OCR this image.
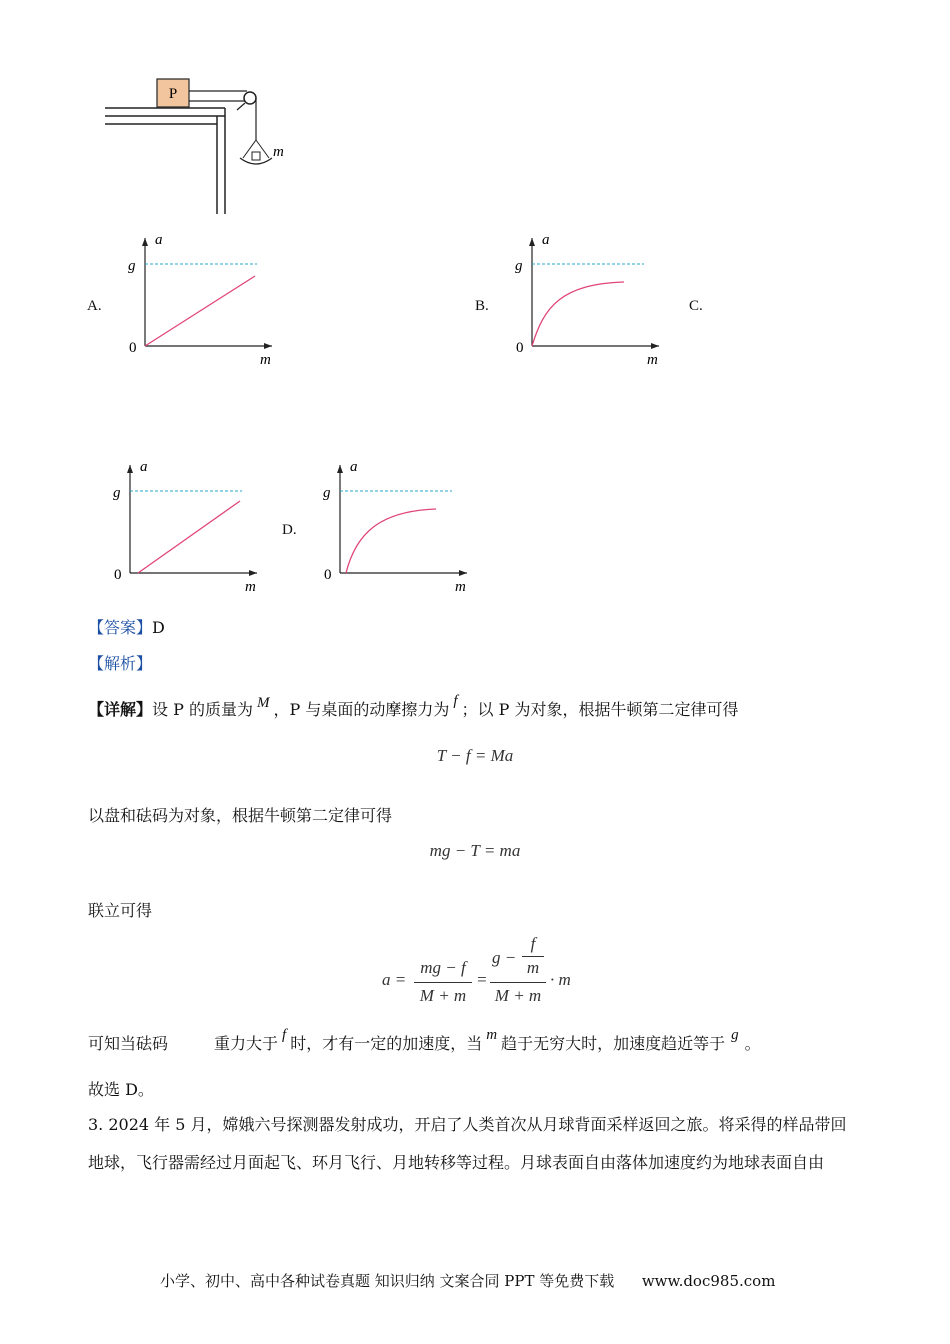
P
m
A.	B.	C.
D.
a
m
0
g
a
m
0
g
a
m
0
g
a
m
0
g
【答案】D
【解析】
【详解】设 P 的质量为 M ，P 与桌面的动摩擦力为 f ；以 P 为对象，根据牛顿第二定律可得
T − f = Ma
以盘和砝码为对象，根据牛顿第二定律可得
mg − T = ma
联立可得
a =
mg − f
M + m
=
g −
f
m
M + m
· m
可知当砝码	重力大于 f 时，才有一定的加速度，当 m 趋于无穷大时，加速度趋近等于 g 。
故选 D。
3. 2024 年 5 月，嫦娥六号探测器发射成功，开启了人类首次从月球背面采样返回之旅。将采得的样品带回
地球，飞行器需经过月面起飞、环月飞行、月地转移等过程。月球表面自由落体加速度约为地球表面自由
小学、初中、高中各种试卷真题 知识归纳 文案合同 PPT 等免费下载 www.doc985.com
